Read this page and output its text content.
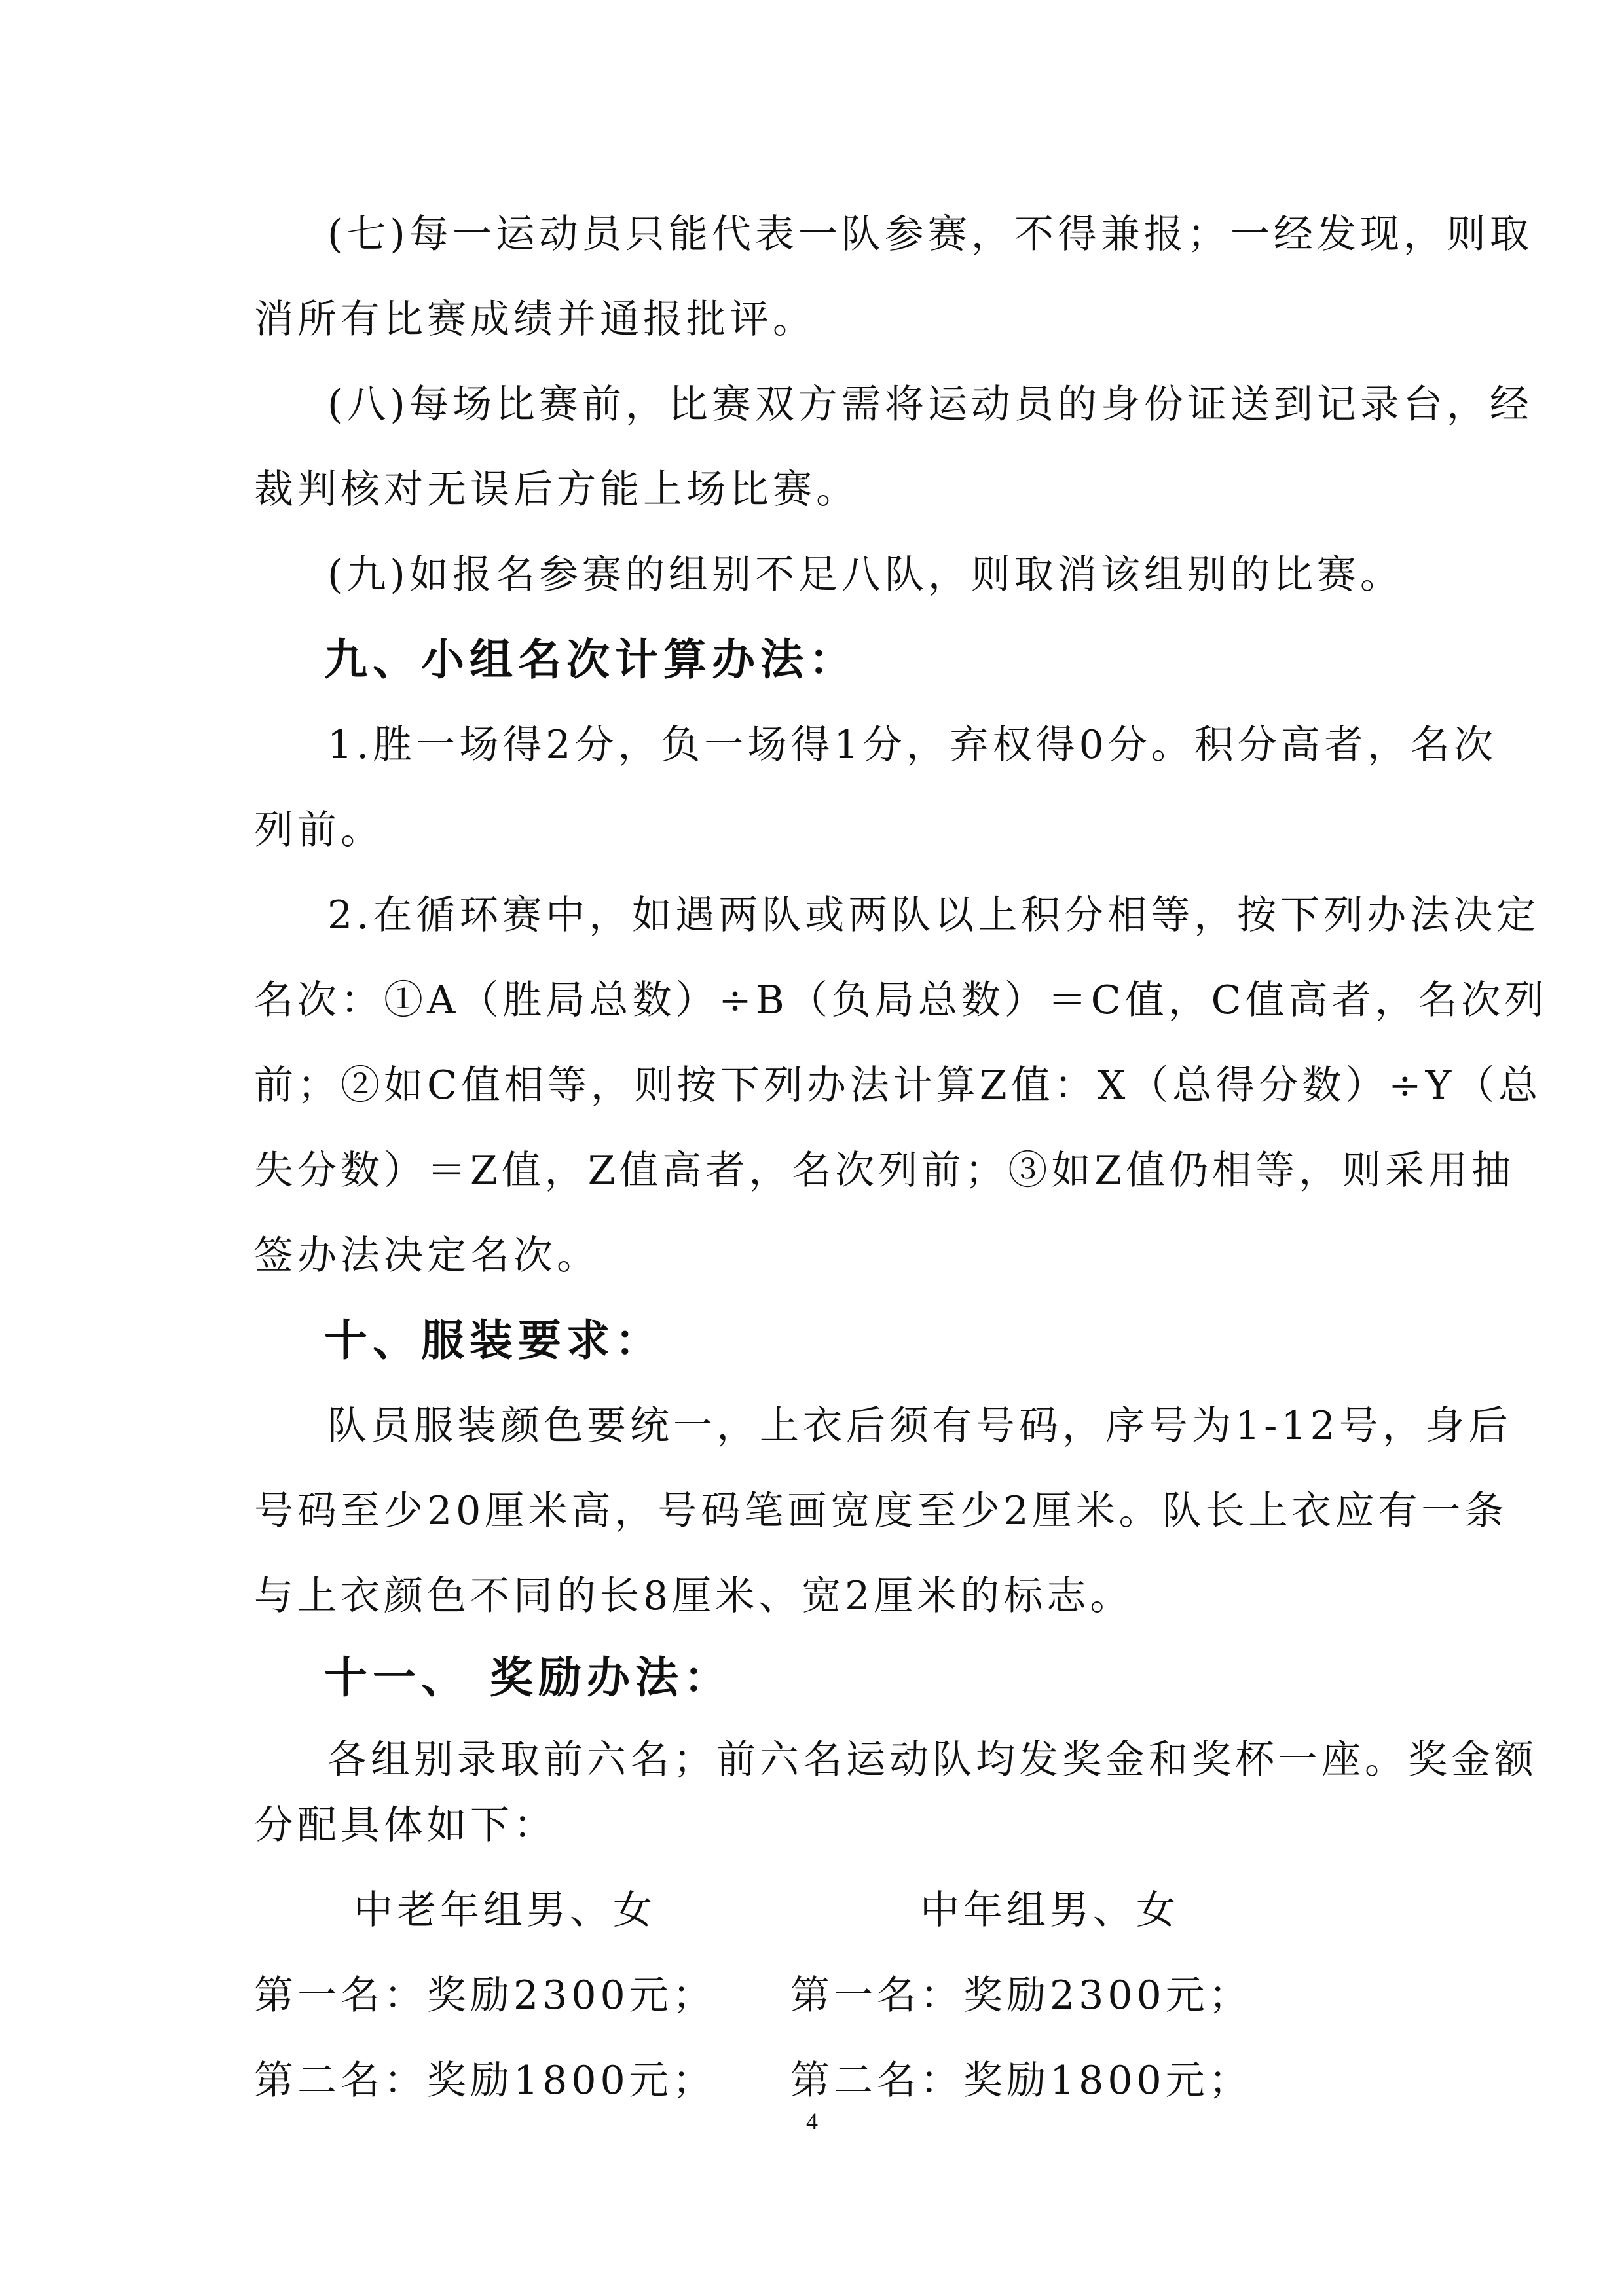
(七)每一运动员只能代表一队参赛，不得兼报；一经发现，则取
消所有比赛成绩并通报批评。
(八)每场比赛前，比赛双方需将运动员的身份证送到记录台，经
裁判核对无误后方能上场比赛。
(九)如报名参赛的组别不足八队，则取消该组别的比赛。
1.胜一场得2分，负一场得1分，弃权得0分。积分高者，名次
列前。
2.在循环赛中，如遇两队或两队以上积分相等，按下列办法决定
名次：①A（胜局总数）÷B（负局总数）＝C值，C值高者，名次列
前；②如C值相等，则按下列办法计算Z值：X（总得分数）÷Y（总
失分数）＝Z值，Z值高者，名次列前；③如Z值仍相等，则采用抽
签办法决定名次。
队员服装颜色要统一，上衣后须有号码，序号为1-12号，身后
号码至少20厘米高，号码笔画宽度至少2厘米。队长上衣应有一条
与上衣颜色不同的长8厘米、宽2厘米的标志。
各组别录取前六名；前六名运动队均发奖金和奖杯一座。奖金额
分配具体如下：
九、小组名次计算办法：
十、服装要求：
十一、 奖励办法：
中老年组男、女	中年组男、女
第一名：奖励2300元； 第一名：奖励2300元；
第二名：奖励1800元； 第二名：奖励1800元；
4
